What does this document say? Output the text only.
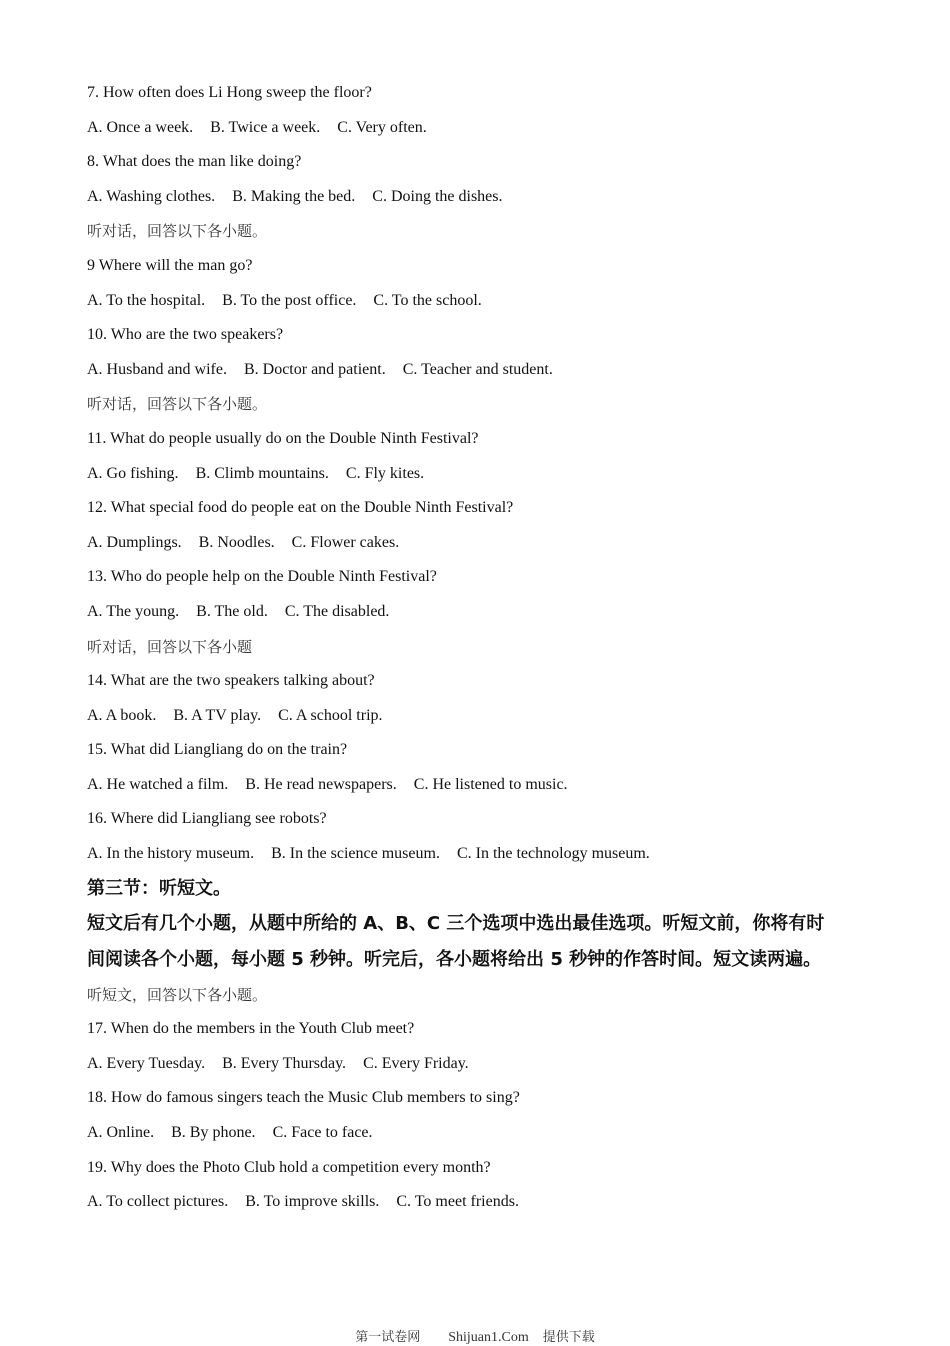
7. How often does Li Hong sweep the floor?
A. Once a week. B. Twice a week. C. Very often.
8. What does the man like doing?
A. Washing clothes. B. Making the bed. C. Doing the dishes.
听对话，回答以下各小题。
9 Where will the man go?
A. To the hospital. B. To the post office. C. To the school.
10. Who are the two speakers?
A. Husband and wife. B. Doctor and patient. C. Teacher and student.
听对话，回答以下各小题。
11. What do people usually do on the Double Ninth Festival?
A. Go fishing. B. Climb mountains. C. Fly kites.
12. What special food do people eat on the Double Ninth Festival?
A. Dumplings. B. Noodles. C. Flower cakes.
13. Who do people help on the Double Ninth Festival?
A. The young. B. The old. C. The disabled.
听对话，回答以下各小题
14. What are the two speakers talking about?
A. A book. B. A TV play. C. A school trip.
15. What did Liangliang do on the train?
A. He watched a film. B. He read newspapers. C. He listened to music.
16. Where did Liangliang see robots?
A. In the history museum. B. In the science museum. C. In the technology museum.
第三节：听短文。
短文后有几个小题，从题中所给的 A、B、C 三个选项中选出最佳选项。听短文前，你将有时
间阅读各个小题，每小题 5 秒钟。听完后，各小题将给出 5 秒钟的作答时间。短文读两遍。
听短文，回答以下各小题。
17. When do the members in the Youth Club meet?
A. Every Tuesday. B. Every Thursday. C. Every Friday.
18. How do famous singers teach the Music Club members to sing?
A. Online. B. By phone. C. Face to face.
19. Why does the Photo Club hold a competition every month?
A. To collect pictures. B. To improve skills. C. To meet friends.
第一试卷网 Shijuan1.Com 提供下载
